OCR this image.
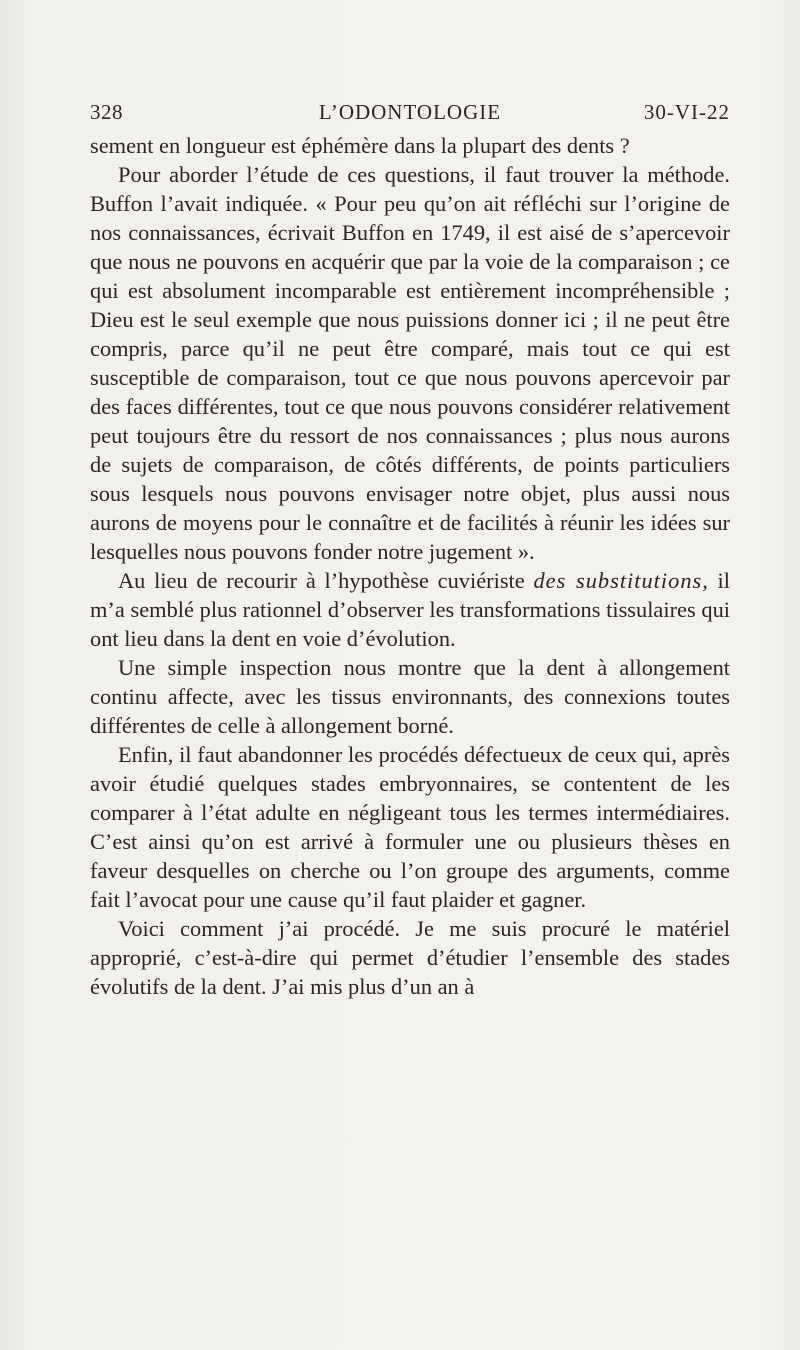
328	L’ODONTOLOGIE	30-VI-22

sement en longueur est éphémère dans la plupart des dents ?

Pour aborder l’étude de ces questions, il faut trouver la méthode. Buffon l’avait indiquée. « Pour peu qu’on ait réfléchi sur l’origine de nos connaissances, écrivait Buffon en 1749, il est aisé de s’apercevoir que nous ne pouvons en acquérir que par la voie de la comparaison ; ce qui est absolument incomparable est entièrement incompréhensible ; Dieu est le seul exemple que nous puissions donner ici ; il ne peut être compris, parce qu’il ne peut être comparé, mais tout ce qui est susceptible de comparaison, tout ce que nous pouvons apercevoir par des faces différentes, tout ce que nous pouvons considérer relativement peut toujours être du ressort de nos connaissances ; plus nous aurons de sujets de comparaison, de côtés différents, de points particuliers sous lesquels nous pouvons envisager notre objet, plus aussi nous aurons de moyens pour le connaître et de facilités à réunir les idées sur lesquelles nous pouvons fonder notre jugement ».

Au lieu de recourir à l’hypothèse cuviériste des substitutions, il m’a semblé plus rationnel d’observer les transformations tissulaires qui ont lieu dans la dent en voie d’évolution.

Une simple inspection nous montre que la dent à allongement continu affecte, avec les tissus environnants, des connexions toutes différentes de celle à allongement borné.

Enfin, il faut abandonner les procédés défectueux de ceux qui, après avoir étudié quelques stades embryonnaires, se contentent de les comparer à l’état adulte en négligeant tous les termes intermédiaires. C’est ainsi qu’on est arrivé à formuler une ou plusieurs thèses en faveur desquelles on cherche ou l’on groupe des arguments, comme fait l’avocat pour une cause qu’il faut plaider et gagner.

Voici comment j’ai procédé. Je me suis procuré le matériel approprié, c’est-à-dire qui permet d’étudier l’ensemble des stades évolutifs de la dent. J’ai mis plus d’un an à
